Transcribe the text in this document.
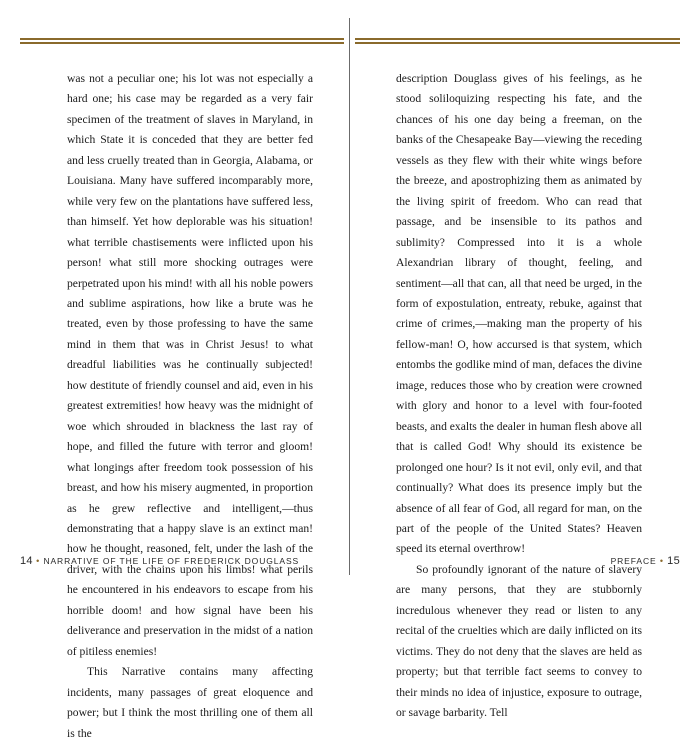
was not a peculiar one; his lot was not especially a hard one; his case may be regarded as a very fair specimen of the treatment of slaves in Maryland, in which State it is conceded that they are better fed and less cruelly treated than in Georgia, Alabama, or Louisiana. Many have suffered incomparably more, while very few on the plantations have suffered less, than himself. Yet how deplorable was his situation! what terrible chastisements were inflicted upon his person! what still more shocking outrages were perpetrated upon his mind! with all his noble powers and sublime aspirations, how like a brute was he treated, even by those professing to have the same mind in them that was in Christ Jesus! to what dreadful liabilities was he continually subjected! how destitute of friendly counsel and aid, even in his greatest extremities! how heavy was the midnight of woe which shrouded in blackness the last ray of hope, and filled the future with terror and gloom! what longings after freedom took possession of his breast, and how his misery augmented, in proportion as he grew reflective and intelligent,—thus demonstrating that a happy slave is an extinct man! how he thought, reasoned, felt, under the lash of the driver, with the chains upon his limbs! what perils he encountered in his endeavors to escape from his horrible doom! and how signal have been his deliverance and preservation in the midst of a nation of pitiless enemies!

This Narrative contains many affecting incidents, many passages of great eloquence and power; but I think the most thrilling one of them all is the

description Douglass gives of his feelings, as he stood soliloquizing respecting his fate, and the chances of his one day being a freeman, on the banks of the Chesapeake Bay—viewing the receding vessels as they flew with their white wings before the breeze, and apostrophizing them as animated by the living spirit of freedom. Who can read that passage, and be insensible to its pathos and sublimity? Compressed into it is a whole Alexandrian library of thought, feeling, and sentiment—all that can, all that need be urged, in the form of expostulation, entreaty, rebuke, against that crime of crimes,—making man the property of his fellow-man! O, how accursed is that system, which entombs the godlike mind of man, defaces the divine image, reduces those who by creation were crowned with glory and honor to a level with four-footed beasts, and exalts the dealer in human flesh above all that is called God! Why should its existence be prolonged one hour? Is it not evil, only evil, and that continually? What does its presence imply but the absence of all fear of God, all regard for man, on the part of the people of the United States? Heaven speed its eternal overthrow!

So profoundly ignorant of the nature of slavery are many persons, that they are stubbornly incredulous whenever they read or listen to any recital of the cruelties which are daily inflicted on its victims. They do not deny that the slaves are held as property; but that terrible fact seems to convey to their minds no idea of injustice, exposure to outrage, or savage barbarity. Tell

14 • NARRATIVE OF THE LIFE OF FREDERICK DOUGLASS	PREFACE • 15
